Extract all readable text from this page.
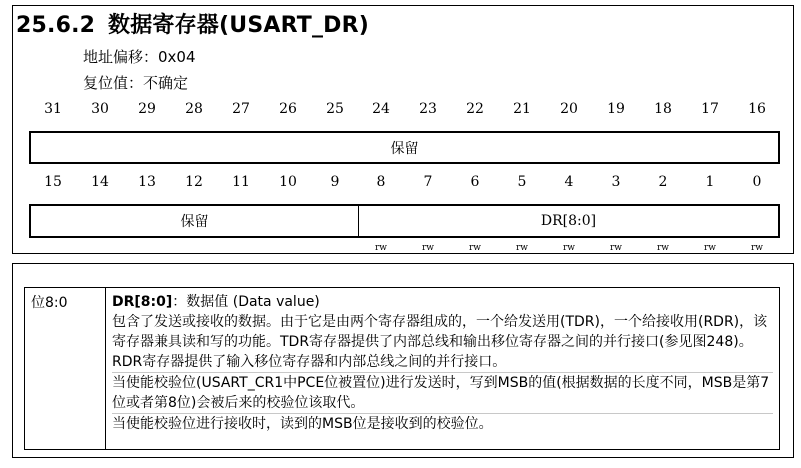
25.6.2 数据寄存器(USART_DR)
地址偏移：0x04
复位值：不确定
31	30	29	28	27	26	25	24	23	22	21	20	19	18	17	16
保留
15	14	13	12	11	10	9	8	7	6	5	4	3	2	1	0
保留	DR[8:0]
rw	rw	rw	rw	rw	rw	rw	rw	rw
位8:0	DR[8:0]：数据值 (Data value)

包含了发送或接收的数据。由于它是由两个寄存器组成的，一个给发送用(TDR)，一个给接收用(RDR)，该寄存器兼具读和写的功能。TDR寄存器提供了内部总线和输出移位寄存器之间的并行接口(参见图248)。RDR寄存器提供了输入移位寄存器和内部总线之间的并行接口。

当使能校验位(USART_CR1中PCE位被置位)进行发送时，写到MSB的值(根据数据的长度不同，MSB是第7位或者第8位)会被后来的校验位该取代。

当使能校验位进行接收时，读到的MSB位是接收到的校验位。
